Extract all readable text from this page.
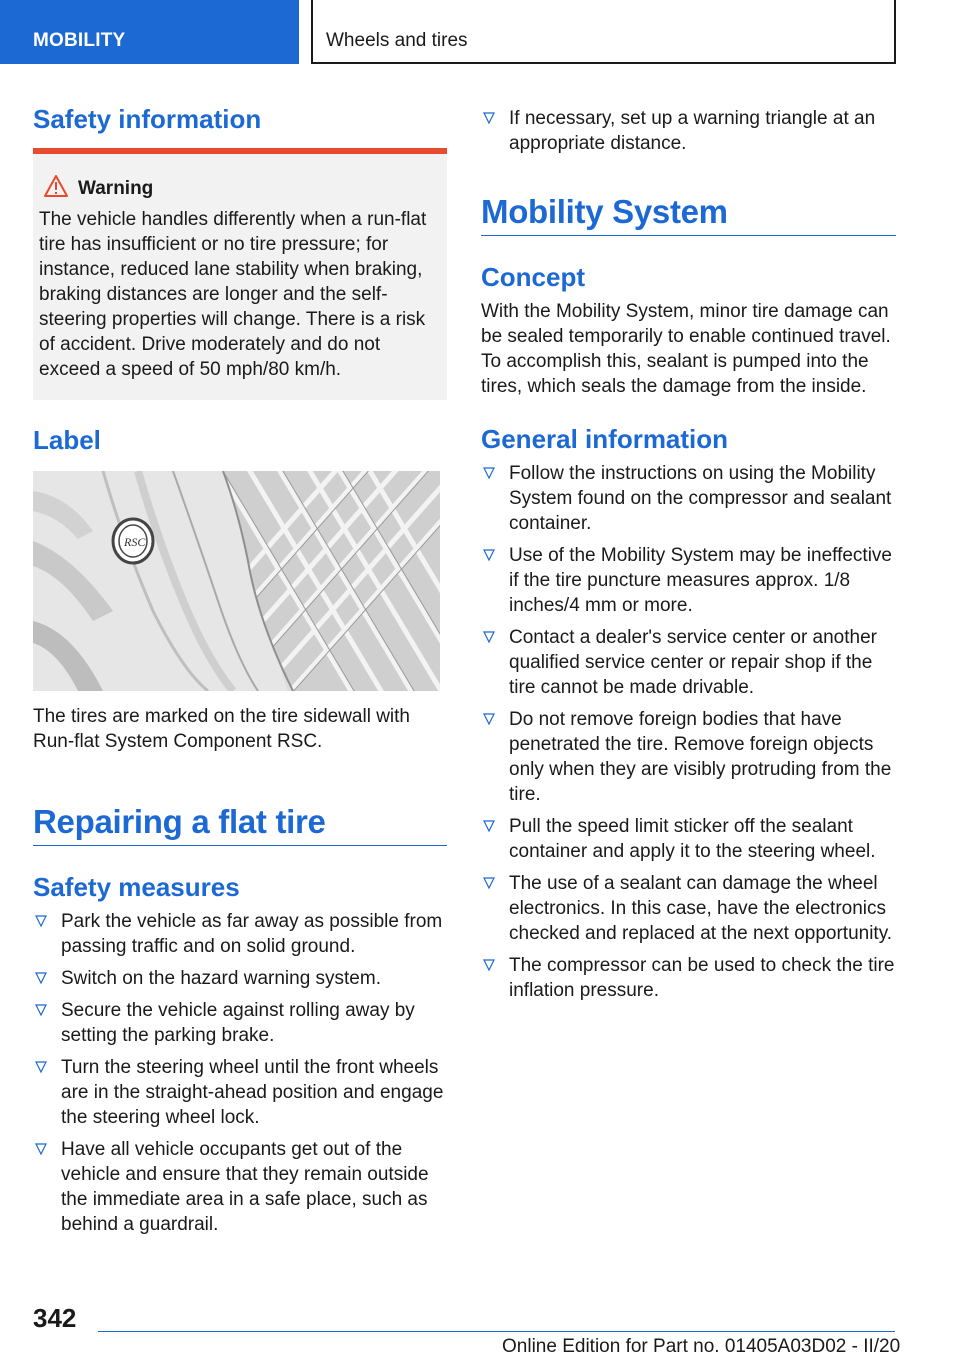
MOBILITY	Wheels and tires
Safety information
Warning
The vehicle handles differently when a run-flat tire has insufficient or no tire pressure; for instance, reduced lane stability when braking, braking distances are longer and the self-steering properties will change. There is a risk of accident. Drive moderately and do not exceed a speed of 50 mph/80 km/h.
Label
RSC
The tires are marked on the tire sidewall with Run-flat System Component RSC.
Repairing a flat tire
Safety measures
Park the vehicle as far away as possible from passing traffic and on solid ground.
Switch on the hazard warning system.
Secure the vehicle against rolling away by setting the parking brake.
Turn the steering wheel until the front wheels are in the straight-ahead position and engage the steering wheel lock.
Have all vehicle occupants get out of the vehicle and ensure that they remain outside the immediate area in a safe place, such as behind a guardrail.
If necessary, set up a warning triangle at an appropriate distance.
Mobility System
Concept
With the Mobility System, minor tire damage can be sealed temporarily to enable continued travel. To accomplish this, sealant is pumped into the tires, which seals the damage from the inside.
General information
Follow the instructions on using the Mobility System found on the compressor and sealant container.
Use of the Mobility System may be ineffective if the tire puncture measures approx. 1/8 inches/4 mm or more.
Contact a dealer's service center or another qualified service center or repair shop if the tire cannot be made drivable.
Do not remove foreign bodies that have penetrated the tire. Remove foreign objects only when they are visibly protruding from the tire.
Pull the speed limit sticker off the sealant container and apply it to the steering wheel.
The use of a sealant can damage the wheel electronics. In this case, have the electronics checked and replaced at the next opportunity.
The compressor can be used to check the tire inflation pressure.
342
Online Edition for Part no. 01405A03D02 - II/20
